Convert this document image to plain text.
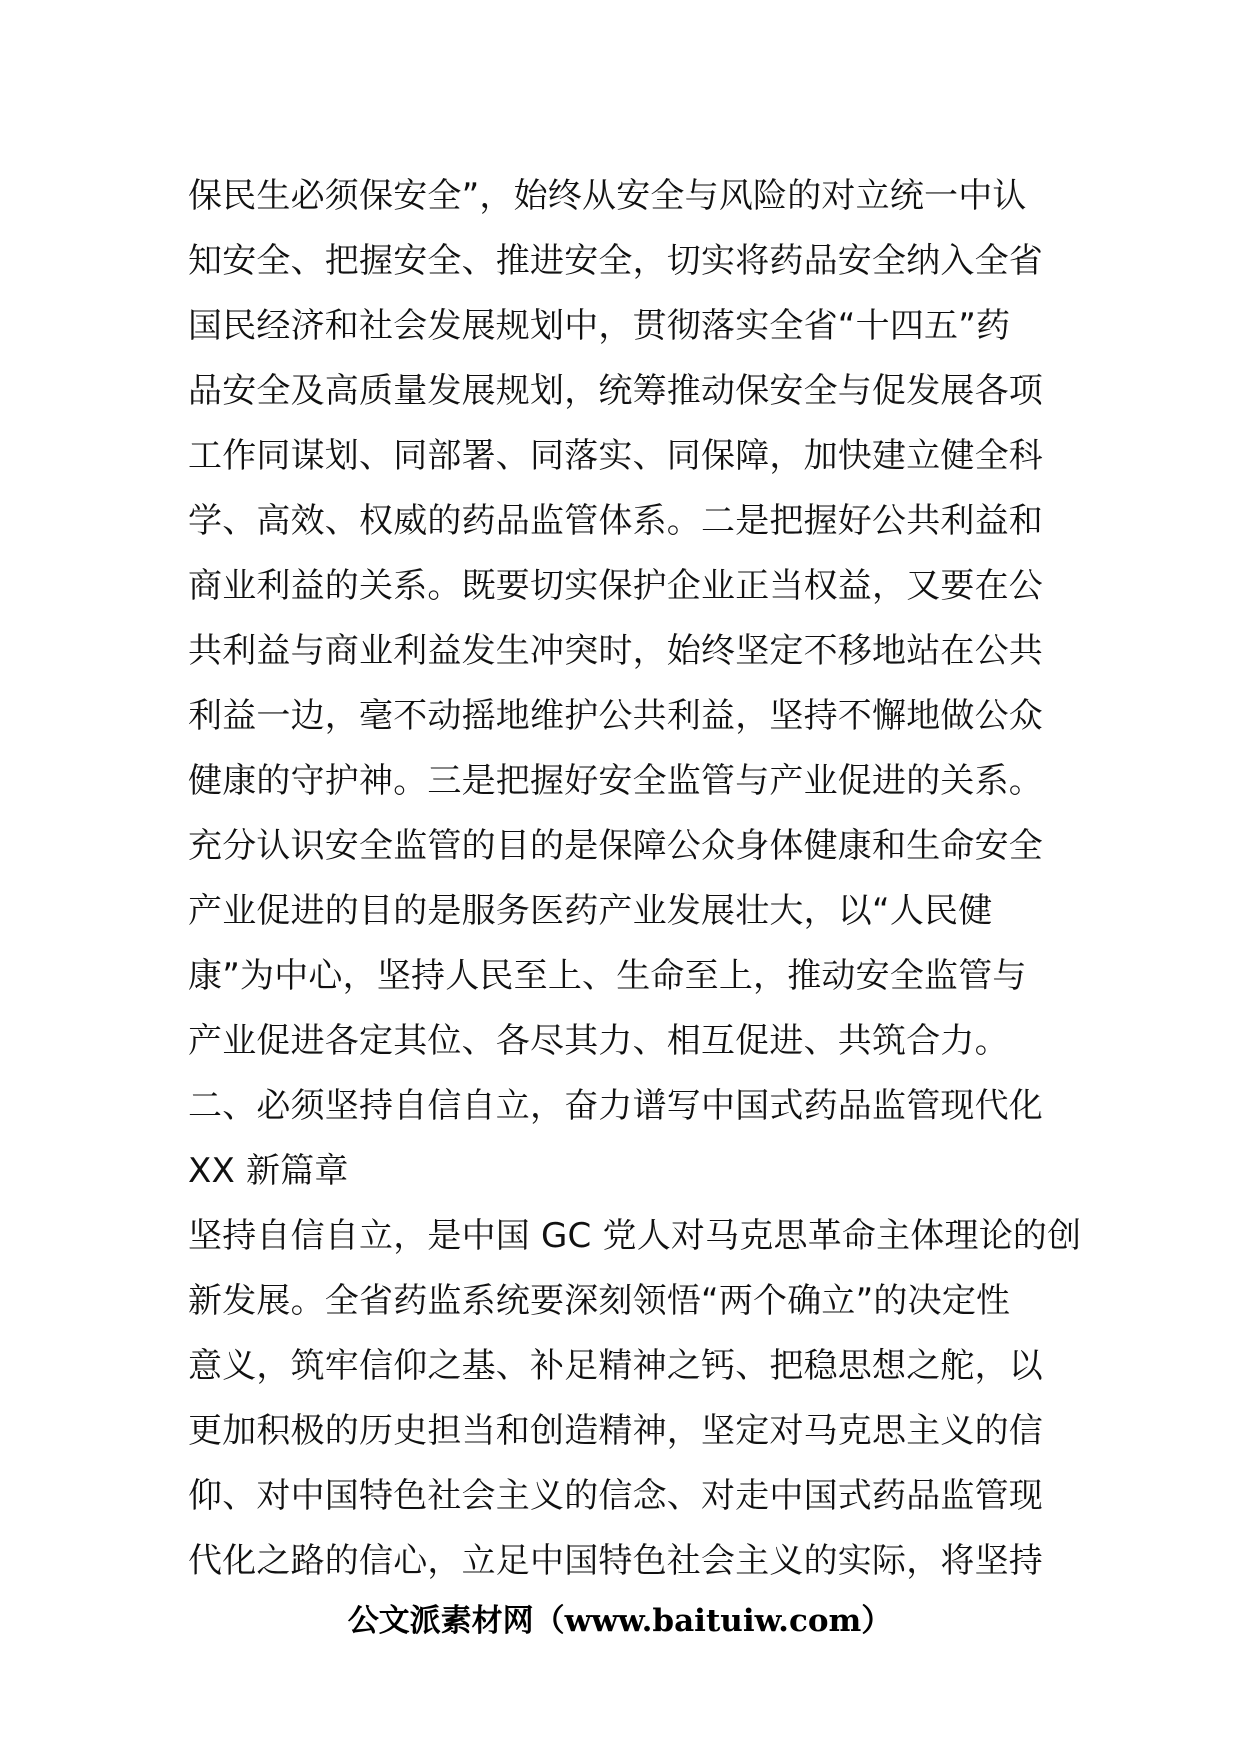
保民生必须保安全”，始终从安全与风险的对立统一中认
知安全、把握安全、推进安全，切实将药品安全纳入全省
国民经济和社会发展规划中，贯彻落实全省“十四五”药
品安全及高质量发展规划，统筹推动保安全与促发展各项
工作同谋划、同部署、同落实、同保障，加快建立健全科
学、高效、权威的药品监管体系。二是把握好公共利益和
商业利益的关系。既要切实保护企业正当权益，又要在公
共利益与商业利益发生冲突时，始终坚定不移地站在公共
利益一边，毫不动摇地维护公共利益，坚持不懈地做公众
健康的守护神。三是把握好安全监管与产业促进的关系。
充分认识安全监管的目的是保障公众身体健康和生命安全
产业促进的目的是服务医药产业发展壮大，以“人民健
康”为中心，坚持人民至上、生命至上，推动安全监管与
产业促进各定其位、各尽其力、相互促进、共筑合力。
二、必须坚持自信自立，奋力谱写中国式药品监管现代化
XX 新篇章
坚持自信自立，是中国 GC 党人对马克思革命主体理论的创
新发展。全省药监系统要深刻领悟“两个确立”的决定性
意义，筑牢信仰之基、补足精神之钙、把稳思想之舵，以
更加积极的历史担当和创造精神，坚定对马克思主义的信
仰、对中国特色社会主义的信念、对走中国式药品监管现
代化之路的信心，立足中国特色社会主义的实际，将坚持
公文派素材网（www.baituiw.com）
